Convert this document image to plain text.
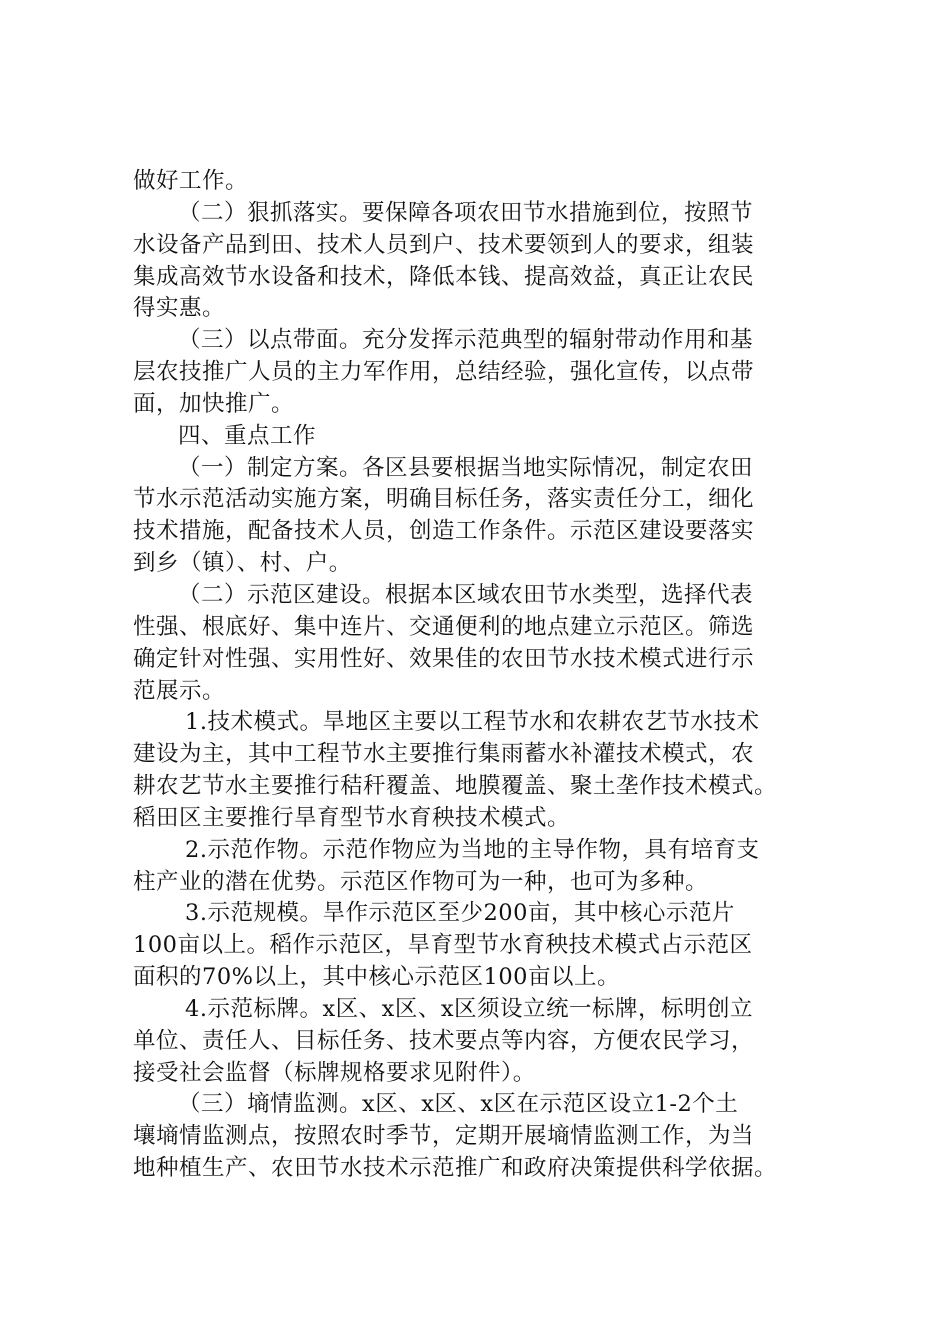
做好工作。
（二）狠抓落实。要保障各项农田节水措施到位，按照节
水设备产品到田、技术人员到户、技术要领到人的要求，组装
集成高效节水设备和技术，降低本钱、提高效益，真正让农民
得实惠。
（三）以点带面。充分发挥示范典型的辐射带动作用和基
层农技推广人员的主力军作用，总结经验，强化宣传，以点带
面，加快推广。
四、重点工作
（一）制定方案。各区县要根据当地实际情况，制定农田
节水示范活动实施方案，明确目标任务，落实责任分工，细化
技术措施，配备技术人员，创造工作条件。示范区建设要落实
到乡（镇）、村、户。
（二）示范区建设。根据本区域农田节水类型，选择代表
性强、根底好、集中连片、交通便利的地点建立示范区。筛选
确定针对性强、实用性好、效果佳的农田节水技术模式进行示
范展示。
1.技术模式。旱地区主要以工程节水和农耕农艺节水技术
建设为主，其中工程节水主要推行集雨蓄水补灌技术模式，农
耕农艺节水主要推行秸秆覆盖、地膜覆盖、聚土垄作技术模式。
稻田区主要推行旱育型节水育秧技术模式。
2.示范作物。示范作物应为当地的主导作物，具有培育支
柱产业的潜在优势。示范区作物可为一种，也可为多种。
3.示范规模。旱作示范区至少200亩，其中核心示范片
100亩以上。稻作示范区，旱育型节水育秧技术模式占示范区
面积的70%以上，其中核心示范区100亩以上。
4.示范标牌。x区、x区、x区须设立统一标牌，标明创立
单位、责任人、目标任务、技术要点等内容，方便农民学习，
接受社会监督（标牌规格要求见附件）。
（三）墒情监测。x区、x区、x区在示范区设立1-2个土
壤墒情监测点，按照农时季节，定期开展墒情监测工作，为当
地种植生产、农田节水技术示范推广和政府决策提供科学依据。
